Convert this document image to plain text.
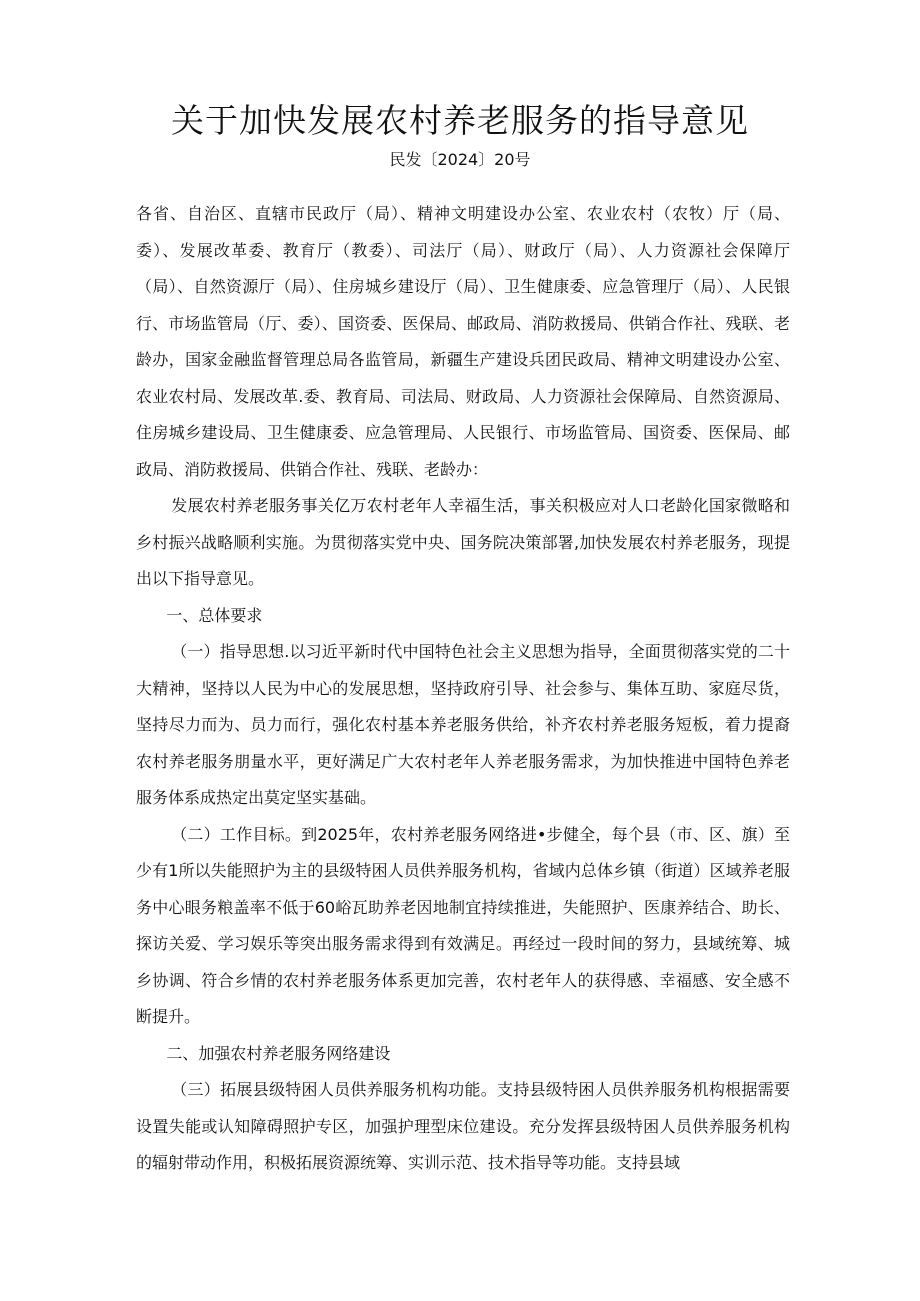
关于加快发展农村养老服务的指导意见
民发〔2024〕20号

各省、自治区、直辖市民政厅（局）、精神文明建设办公室、农业农村（农牧）厅（局、委）、发展改革委、教育厅（教委）、司法厅（局）、财政厅（局）、人力资源社会保障厅（局）、自然资源厅（局）、住房城乡建设厅（局）、卫生健康委、应急管理厅（局）、人民银行、市场监管局（厅、委）、国资委、医保局、邮政局、消防救援局、供销合作社、残联、老龄办，国家金融监督管理总局各监管局，新疆生产建设兵团民政局、精神文明建设办公室、农业农村局、发展改革.委、教育局、司法局、财政局、人力资源社会保障局、自然资源局、住房城乡建设局、卫生健康委、应急管理局、人民银行、市场监管局、国资委、医保局、邮政局、消防救援局、供销合作社、残联、老龄办：

发展农村养老服务事关亿万农村老年人幸福生活，事关积极应对人口老龄化国家微略和乡村振兴战略顺利实施。为贯彻落实党中央、国务院决策部署,加快发展农村养老服务，现提出以下指导意见。

一、总体要求

（一）指导思想.以习近平新时代中国特色社会主义思想为指导，全面贯彻落实党的二十大精神，坚持以人民为中心的发展思想，坚持政府引导、社会参与、集体互助、家庭尽货，坚持尽力而为、员力而行，强化农村基本养老服务供给，补齐农村养老服务短板，着力提裔农村养老服务朋量水平，更好满足广大农村老年人养老服务需求，为加快推进中国特色养老服务体系成热定出莫定坚实基础。

（二）工作目标。到2025年，农村养老服务网络进•步健全，每个县（市、区、旗）至少有1所以失能照护为主的县级特困人员供养服务机构，省域内总体乡镇（街道）区域养老服务中心眼务粮盖率不低于60峪瓦助养老因地制宜持续推进，失能照护、医康养结合、助长、探访关爱、学习娱乐等突出服务需求得到有效满足。再经过一段时间的努力，县域统筹、城乡协调、符合乡情的农村养老服务体系更加完善，农村老年人的获得感、幸福感、安全感不断提升。

二、加强农村养老服务网络建设

（三）拓展县级特困人员供养服务机构功能。支持县级特困人员供养服务机构根据需要设置失能或认知障碍照护专区，加强护理型床位建设。充分发挥县级特困人员供养服务机构的辐射带动作用，积极拓展资源统筹、实训示范、技术指导等功能。支持县域
